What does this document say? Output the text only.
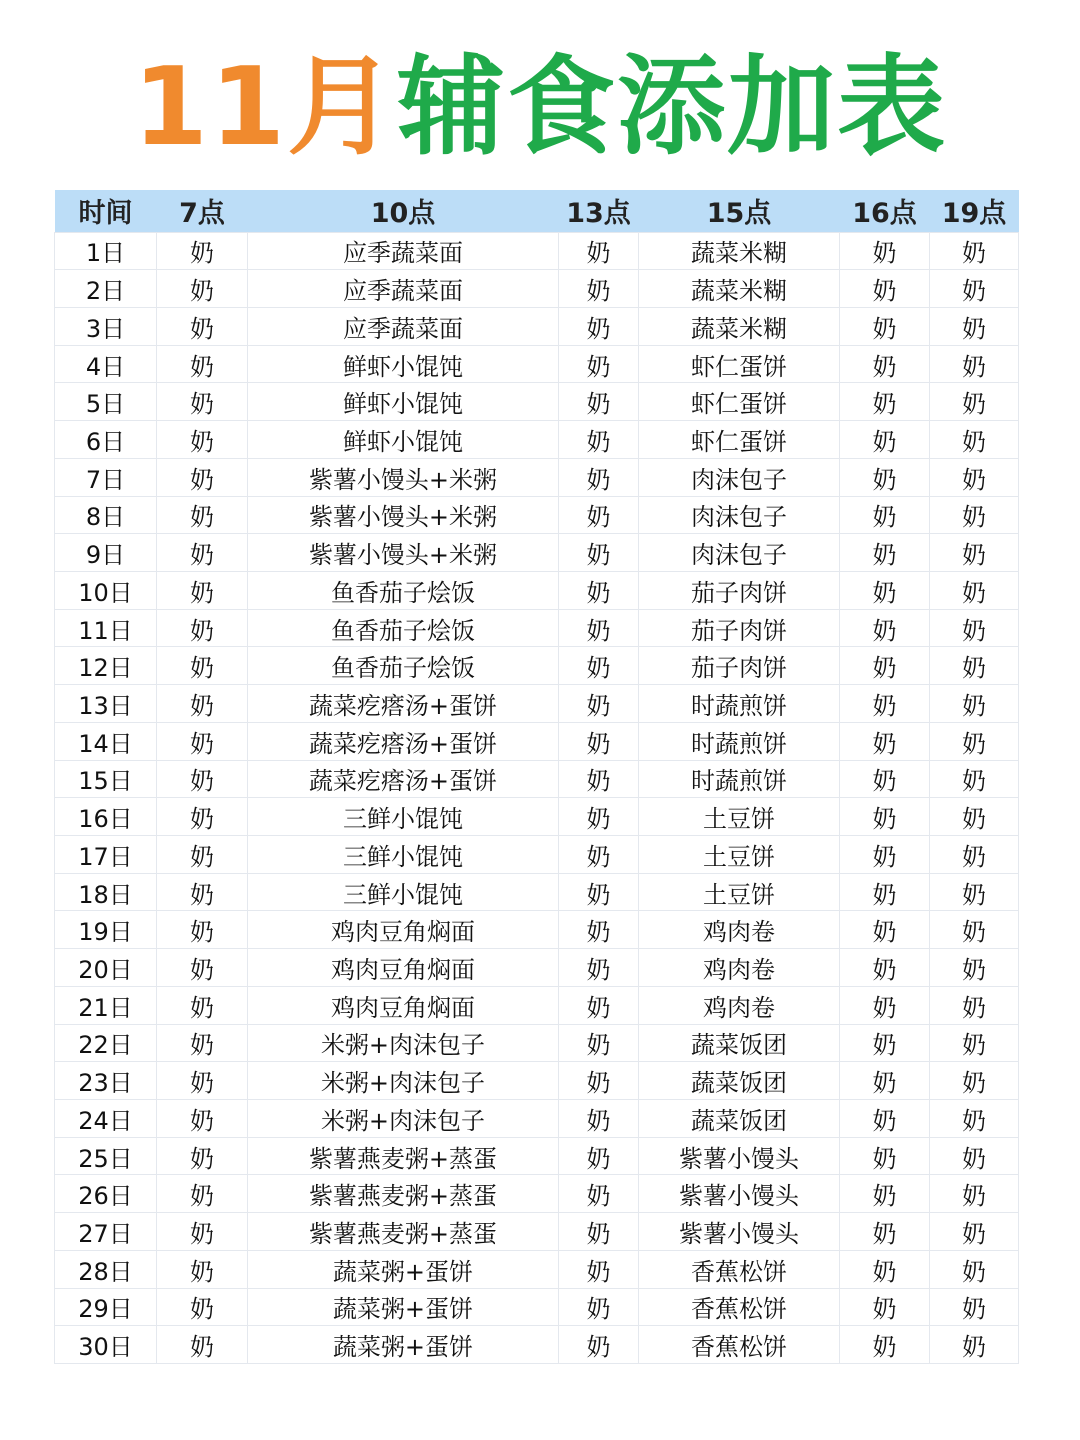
11月辅食添加表
时间	7点	10点	13点	15点	16点	19点
1日	奶	应季蔬菜面	奶	蔬菜米糊	奶	奶
2日	奶	应季蔬菜面	奶	蔬菜米糊	奶	奶
3日	奶	应季蔬菜面	奶	蔬菜米糊	奶	奶
4日	奶	鲜虾小馄饨	奶	虾仁蛋饼	奶	奶
5日	奶	鲜虾小馄饨	奶	虾仁蛋饼	奶	奶
6日	奶	鲜虾小馄饨	奶	虾仁蛋饼	奶	奶
7日	奶	紫薯小馒头+米粥	奶	肉沫包子	奶	奶
8日	奶	紫薯小馒头+米粥	奶	肉沫包子	奶	奶
9日	奶	紫薯小馒头+米粥	奶	肉沫包子	奶	奶
10日	奶	鱼香茄子烩饭	奶	茄子肉饼	奶	奶
11日	奶	鱼香茄子烩饭	奶	茄子肉饼	奶	奶
12日	奶	鱼香茄子烩饭	奶	茄子肉饼	奶	奶
13日	奶	蔬菜疙瘩汤+蛋饼	奶	时蔬煎饼	奶	奶
14日	奶	蔬菜疙瘩汤+蛋饼	奶	时蔬煎饼	奶	奶
15日	奶	蔬菜疙瘩汤+蛋饼	奶	时蔬煎饼	奶	奶
16日	奶	三鲜小馄饨	奶	土豆饼	奶	奶
17日	奶	三鲜小馄饨	奶	土豆饼	奶	奶
18日	奶	三鲜小馄饨	奶	土豆饼	奶	奶
19日	奶	鸡肉豆角焖面	奶	鸡肉卷	奶	奶
20日	奶	鸡肉豆角焖面	奶	鸡肉卷	奶	奶
21日	奶	鸡肉豆角焖面	奶	鸡肉卷	奶	奶
22日	奶	米粥+肉沫包子	奶	蔬菜饭团	奶	奶
23日	奶	米粥+肉沫包子	奶	蔬菜饭团	奶	奶
24日	奶	米粥+肉沫包子	奶	蔬菜饭团	奶	奶
25日	奶	紫薯燕麦粥+蒸蛋	奶	紫薯小馒头	奶	奶
26日	奶	紫薯燕麦粥+蒸蛋	奶	紫薯小馒头	奶	奶
27日	奶	紫薯燕麦粥+蒸蛋	奶	紫薯小馒头	奶	奶
28日	奶	蔬菜粥+蛋饼	奶	香蕉松饼	奶	奶
29日	奶	蔬菜粥+蛋饼	奶	香蕉松饼	奶	奶
30日	奶	蔬菜粥+蛋饼	奶	香蕉松饼	奶	奶
